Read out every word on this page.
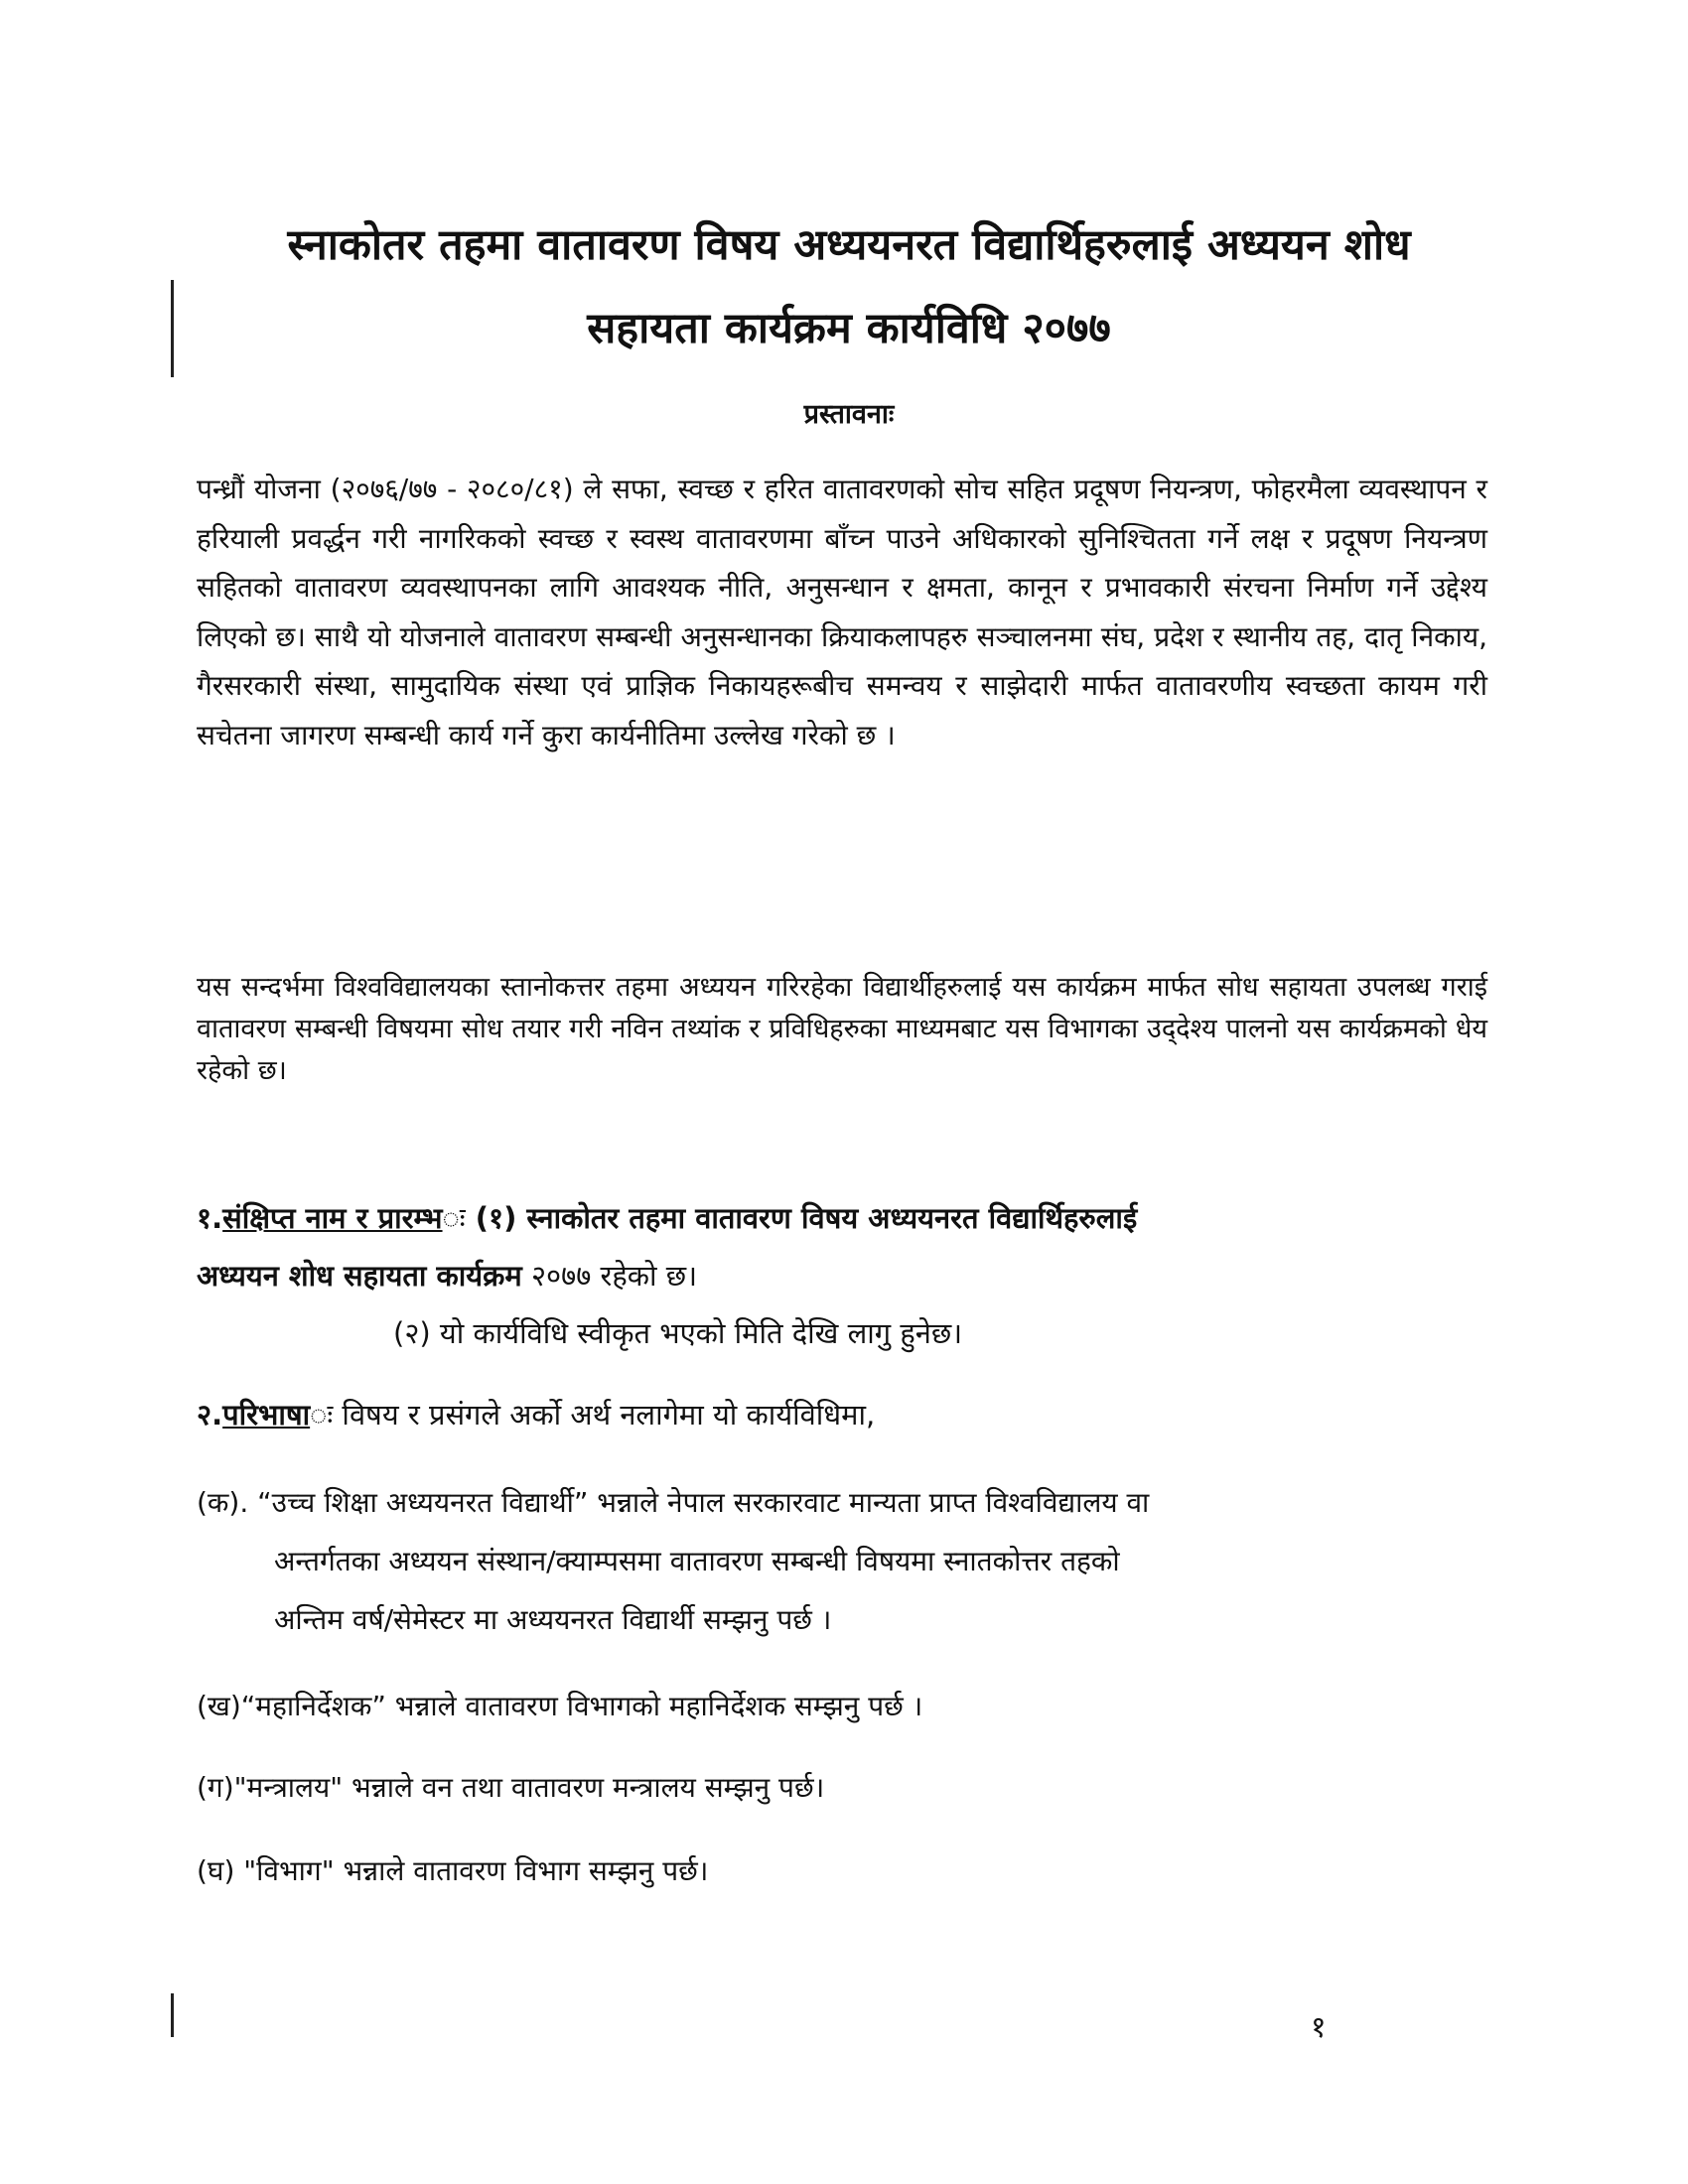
स्नाकोतर तहमा वातावरण विषय अध्ययनरत विद्यार्थिहरुलाई अध्ययन शोध
सहायता कार्यक्रम कार्यविधि २०७७
प्रस्तावनाः

पन्ध्रौं योजना (२०७६/७७ - २०८०/८१) ले सफा, स्वच्छ र हरित वातावरणको सोच सहित प्रदूषण नियन्त्रण, फोहरमैला व्यवस्थापन र हरियाली प्रवर्द्धन गरी नागरिकको स्वच्छ र स्वस्थ वातावरणमा बाँच्न पाउने अधिकारको सुनिश्चितता गर्ने लक्ष र प्रदूषण नियन्त्रण सहितको वातावरण व्यवस्थापनका लागि आवश्यक नीति, अनुसन्धान र क्षमता, कानून र प्रभावकारी संरचना निर्माण गर्ने उद्देश्य लिएको छ। साथै यो योजनाले वातावरण सम्बन्धी अनुसन्धानका क्रियाकलापहरु सञ्चालनमा संघ, प्रदेश र स्थानीय तह, दातृ निकाय, गैरसरकारी संस्था, सामुदायिक संस्था एवं प्राज्ञिक निकायहरूबीच समन्वय र साझेदारी मार्फत वातावरणीय स्वच्छता कायम गरी सचेतना जागरण सम्बन्धी कार्य गर्ने कुरा कार्यनीतिमा उल्लेख गरेको छ ।

यस सन्दर्भमा विश्वविद्यालयका स्तानोकत्तर तहमा अध्ययन गरिरहेका विद्यार्थीहरुलाई यस कार्यक्रम मार्फत सोध सहायता उपलब्ध गराई वातावरण सम्बन्धी विषयमा सोध तयार गरी नविन तथ्यांक र प्रविधिहरुका माध्यमबाट यस विभागका उद्‌देश्य पालनो यस कार्यक्रमको धेय रहेको छ।

१.संक्षिप्त नाम र प्रारम्भः (१) स्नाकोतर तहमा वातावरण विषय अध्ययनरत विद्यार्थिहरुलाई
अध्ययन शोध सहायता कार्यक्रम २०७७ रहेको छ।
(२) यो कार्यविधि स्वीकृत भएको मिति देखि लागु हुनेछ।
२.परिभाषाः विषय र प्रसंगले अर्को अर्थ नलागेमा यो कार्यविधिमा,
(क). “उच्च शिक्षा अध्ययनरत विद्यार्थी” भन्नाले नेपाल सरकारवाट मान्यता प्राप्त विश्वविद्यालय वा
अन्तर्गतका अध्ययन संस्थान/क्याम्पसमा वातावरण सम्बन्धी विषयमा स्नातकोत्तर तहको
अन्तिम वर्ष/सेमेस्टर मा अध्ययनरत विद्यार्थी सम्झनु पर्छ ।
(ख)“महानिर्देशक” भन्नाले वातावरण विभागको महानिर्देशक सम्झनु पर्छ ।
(ग)"मन्त्रालय" भन्नाले वन तथा वातावरण मन्त्रालय सम्झनु पर्छ।
(घ) "विभाग" भन्नाले वातावरण विभाग सम्झनु पर्छ।
१
